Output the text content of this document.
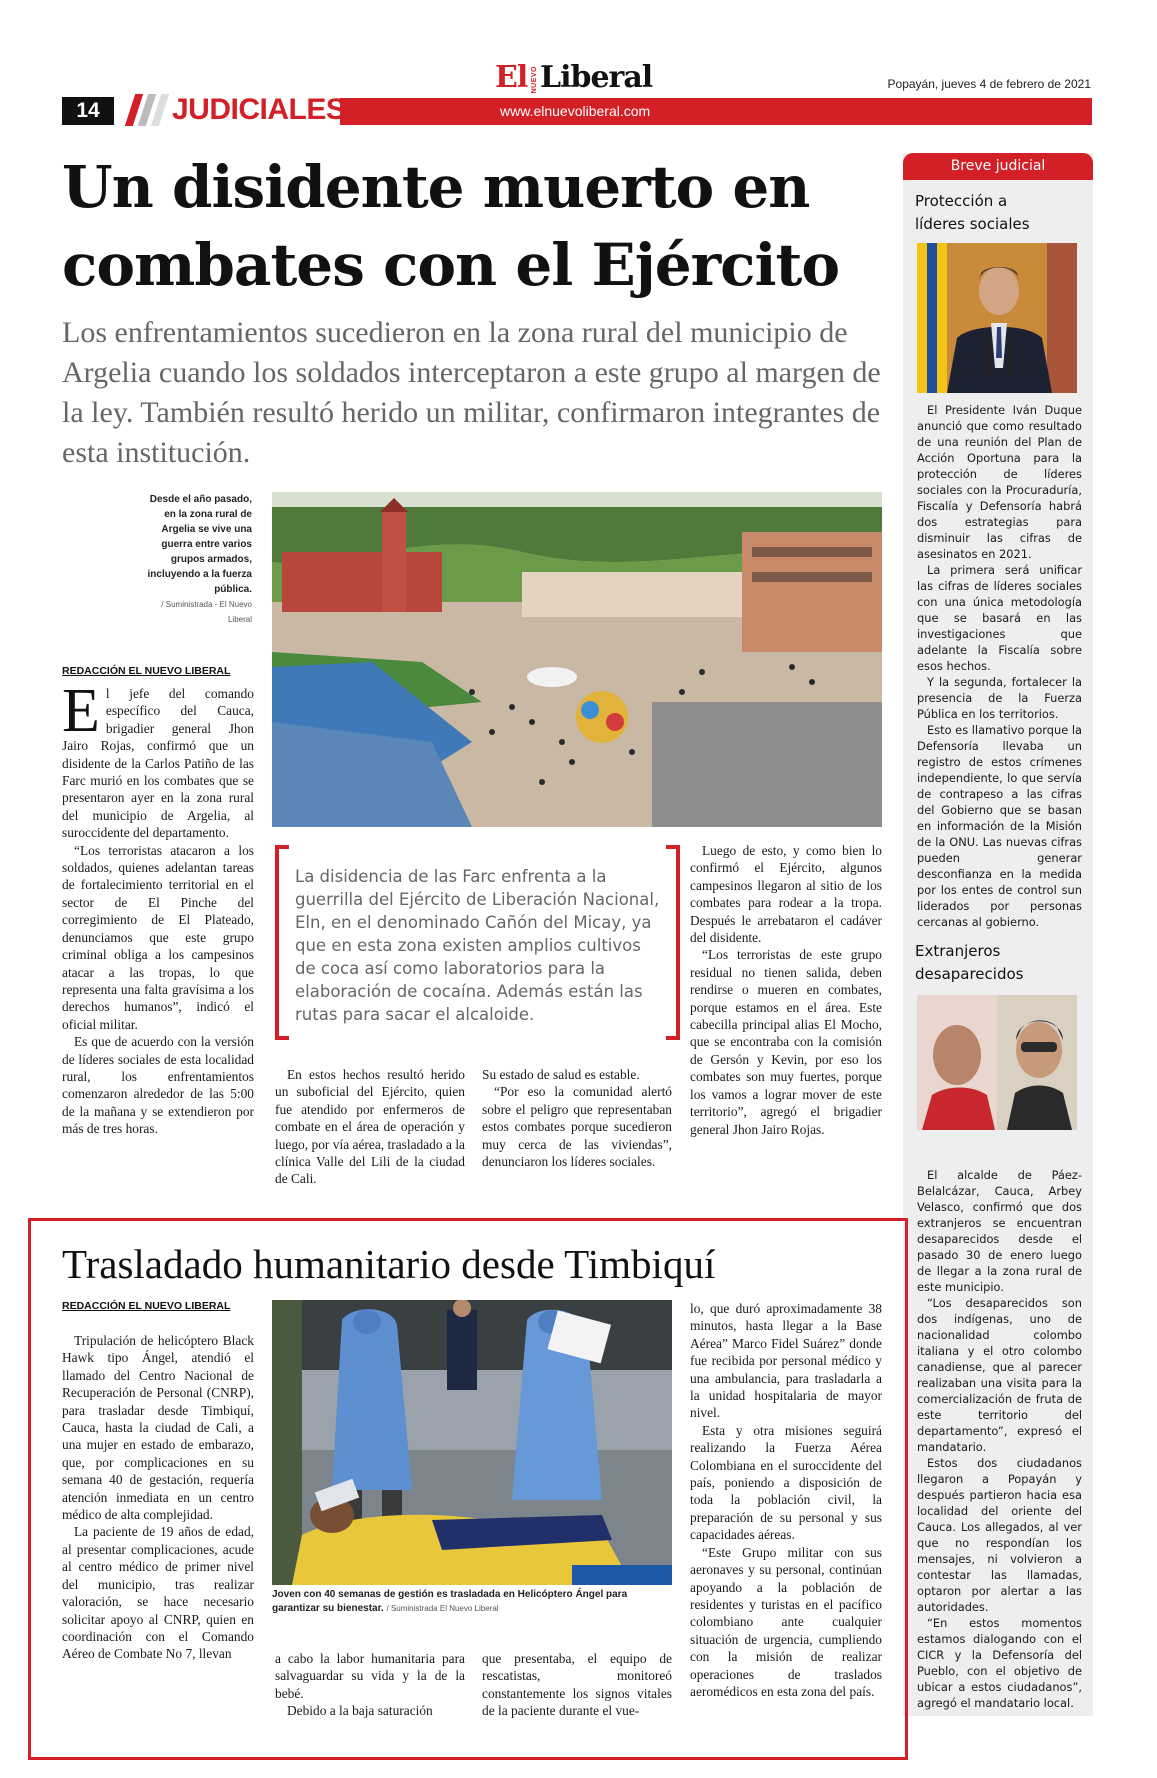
El NUEVO Liberal	Popayán, jueves 4 de febrero de 2021
www.elnuevoliberal.com
14	JUDICIALES
Un disidente muerto en
combates con el Ejército
Los enfrentamientos sucedieron en la zona rural del municipio de Argelia cuando los soldados interceptaron a este grupo al margen de la ley. También resultó herido un militar, confirmaron integrantes de esta institución.
Desde el año pasado, en la zona rural de Argelia se vive una guerra entre varios grupos armados, incluyendo a la fuerza pública.
/ Suministrada - El Nuevo Liberal
REDACCIÓN EL NUEVO LIBERAL

El jefe del comando específico del Cauca, brigadier general Jhon Jairo Rojas, confirmó que un disidente de la Carlos Patiño de las Farc murió en los combates que se presentaron ayer en la zona rural del municipio de Argelia, al suroccidente del departamento.

“Los terroristas atacaron a los soldados, quienes adelantan tareas de fortalecimiento territorial en el sector de El Pinche del corregimiento de El Plateado, denunciamos que este grupo criminal obliga a los campesinos atacar a las tropas, lo que representa una falta gravísima a los derechos humanos”, indicó el oficial militar.

Es que de acuerdo con la versión de líderes sociales de esta localidad rural, los enfrentamientos comenzaron alrededor de las 5:00 de la mañana y se extendieron por más de tres horas.

La disidencia de las Farc enfrenta a la guerrilla del Ejército de Liberación Nacional, Eln, en el denominado Cañón del Micay, ya que en esta zona existen amplios cultivos de coca así como laboratorios para la elaboración de cocaína. Además están las rutas para sacar el alcaloide.

En estos hechos resultó herido un suboficial del Ejército, quien fue atendido por enfermeros de combate en el área de operación y luego, por vía aérea, trasladado a la clínica Valle del Lili de la ciudad de Cali.

Su estado de salud es estable.

“Por eso la comunidad alertó sobre el peligro que representaban estos combates porque sucedieron muy cerca de las viviendas”, denunciaron los líderes sociales.

Luego de esto, y como bien lo confirmó el Ejército, algunos campesinos llegaron al sitio de los combates para rodear a la tropa. Después le arrebataron el cadáver del disidente.

“Los terroristas de este grupo residual no tienen salida, deben rendirse o mueren en combates, porque estamos en el área. Este cabecilla principal alias El Mocho, que se encontraba con la comisión de Gersón y Kevin, por eso los combates son muy fuertes, porque los vamos a lograr mover de este territorio”, agregó el brigadier general Jhon Jairo Rojas.

Breve judicial
Protección a
líderes sociales

El Presidente Iván Duque anunció que como resultado de una reunión del Plan de Acción Oportuna para la protección de líderes sociales con la Procuraduría, Fiscalía y Defensoría habrá dos estrategias para disminuir las cifras de asesinatos en 2021.

La primera será unificar las cifras de líderes sociales con una única metodología que se basará en las investigaciones que adelante la Fiscalía sobre esos hechos.

Y la segunda, fortalecer la presencia de la Fuerza Pública en los territorios.

Esto es llamativo porque la Defensoría llevaba un registro de estos crímenes independiente, lo que servía de contrapeso a las cifras del Gobierno que se basan en información de la Misión de la ONU. Las nuevas cifras pueden generar desconfianza en la medida por los entes de control sun liderados por personas cercanas al gobierno.

Extranjeros
desaparecidos

El alcalde de Páez-Belalcázar, Cauca, Arbey Velasco, confirmó que dos extranjeros se encuentran desaparecidos desde el pasado 30 de enero luego de llegar a la zona rural de este municipio.

“Los desaparecidos son dos indígenas, uno de nacionalidad colombo italiana y el otro colombo canadiense, que al parecer realizaban una visita para la comercialización de fruta de este territorio del departamento”, expresó el mandatario.

Estos dos ciudadanos llegaron a Popayán y después partieron hacia esa localidad del oriente del Cauca. Los allegados, al ver que no respondían los mensajes, ni volvieron a contestar las llamadas, optaron por alertar a las autoridades.

“En estos momentos estamos dialogando con el CICR y la Defensoría del Pueblo, con el objetivo de ubicar a estos ciudadanos”, agregó el mandatario local.

Trasladado humanitario desde Timbiquí
REDACCIÓN EL NUEVO LIBERAL

Tripulación de helicóptero Black Hawk tipo Ángel, atendió el llamado del Centro Nacional de Recuperación de Personal (CNRP), para trasladar desde Timbiquí, Cauca, hasta la ciudad de Cali, a una mujer en estado de embarazo, que, por complicaciones en su semana 40 de gestación, requería atención inmediata en un centro médico de alta complejidad.

La paciente de 19 años de edad, al presentar complicaciones, acude al centro médico de primer nivel del municipio, tras realizar valoración, se hace necesario solicitar apoyo al CNRP, quien en coordinación con el Comando Aéreo de Combate No 7, llevan

Joven con 40 semanas de gestión es trasladada en Helicóptero Ángel para garantizar su bienestar. / Suministrada El Nuevo Liberal

a cabo la labor humanitaria para salvaguardar su vida y la de la bebé.

Debido a la baja saturación

que presentaba, el equipo de rescatistas, monitoreó constantemente los signos vitales de la paciente durante el vue-

lo, que duró aproximadamente 38 minutos, hasta llegar a la Base Aérea” Marco Fidel Suárez” donde fue recibida por personal médico y una ambulancia, para trasladarla a la unidad hospitalaria de mayor nivel.

Esta y otra misiones seguirá realizando la Fuerza Aérea Colombiana en el suroccidente del país, poniendo a disposición de toda la población civil, la preparación de su personal y sus capacidades aéreas.

“Este Grupo militar con sus aeronaves y su personal, continúan apoyando a la población de residentes y turistas en el pacífico colombiano ante cualquier situación de urgencia, cumpliendo con la misión de realizar operaciones de traslados aeromédicos en esta zona del país.
